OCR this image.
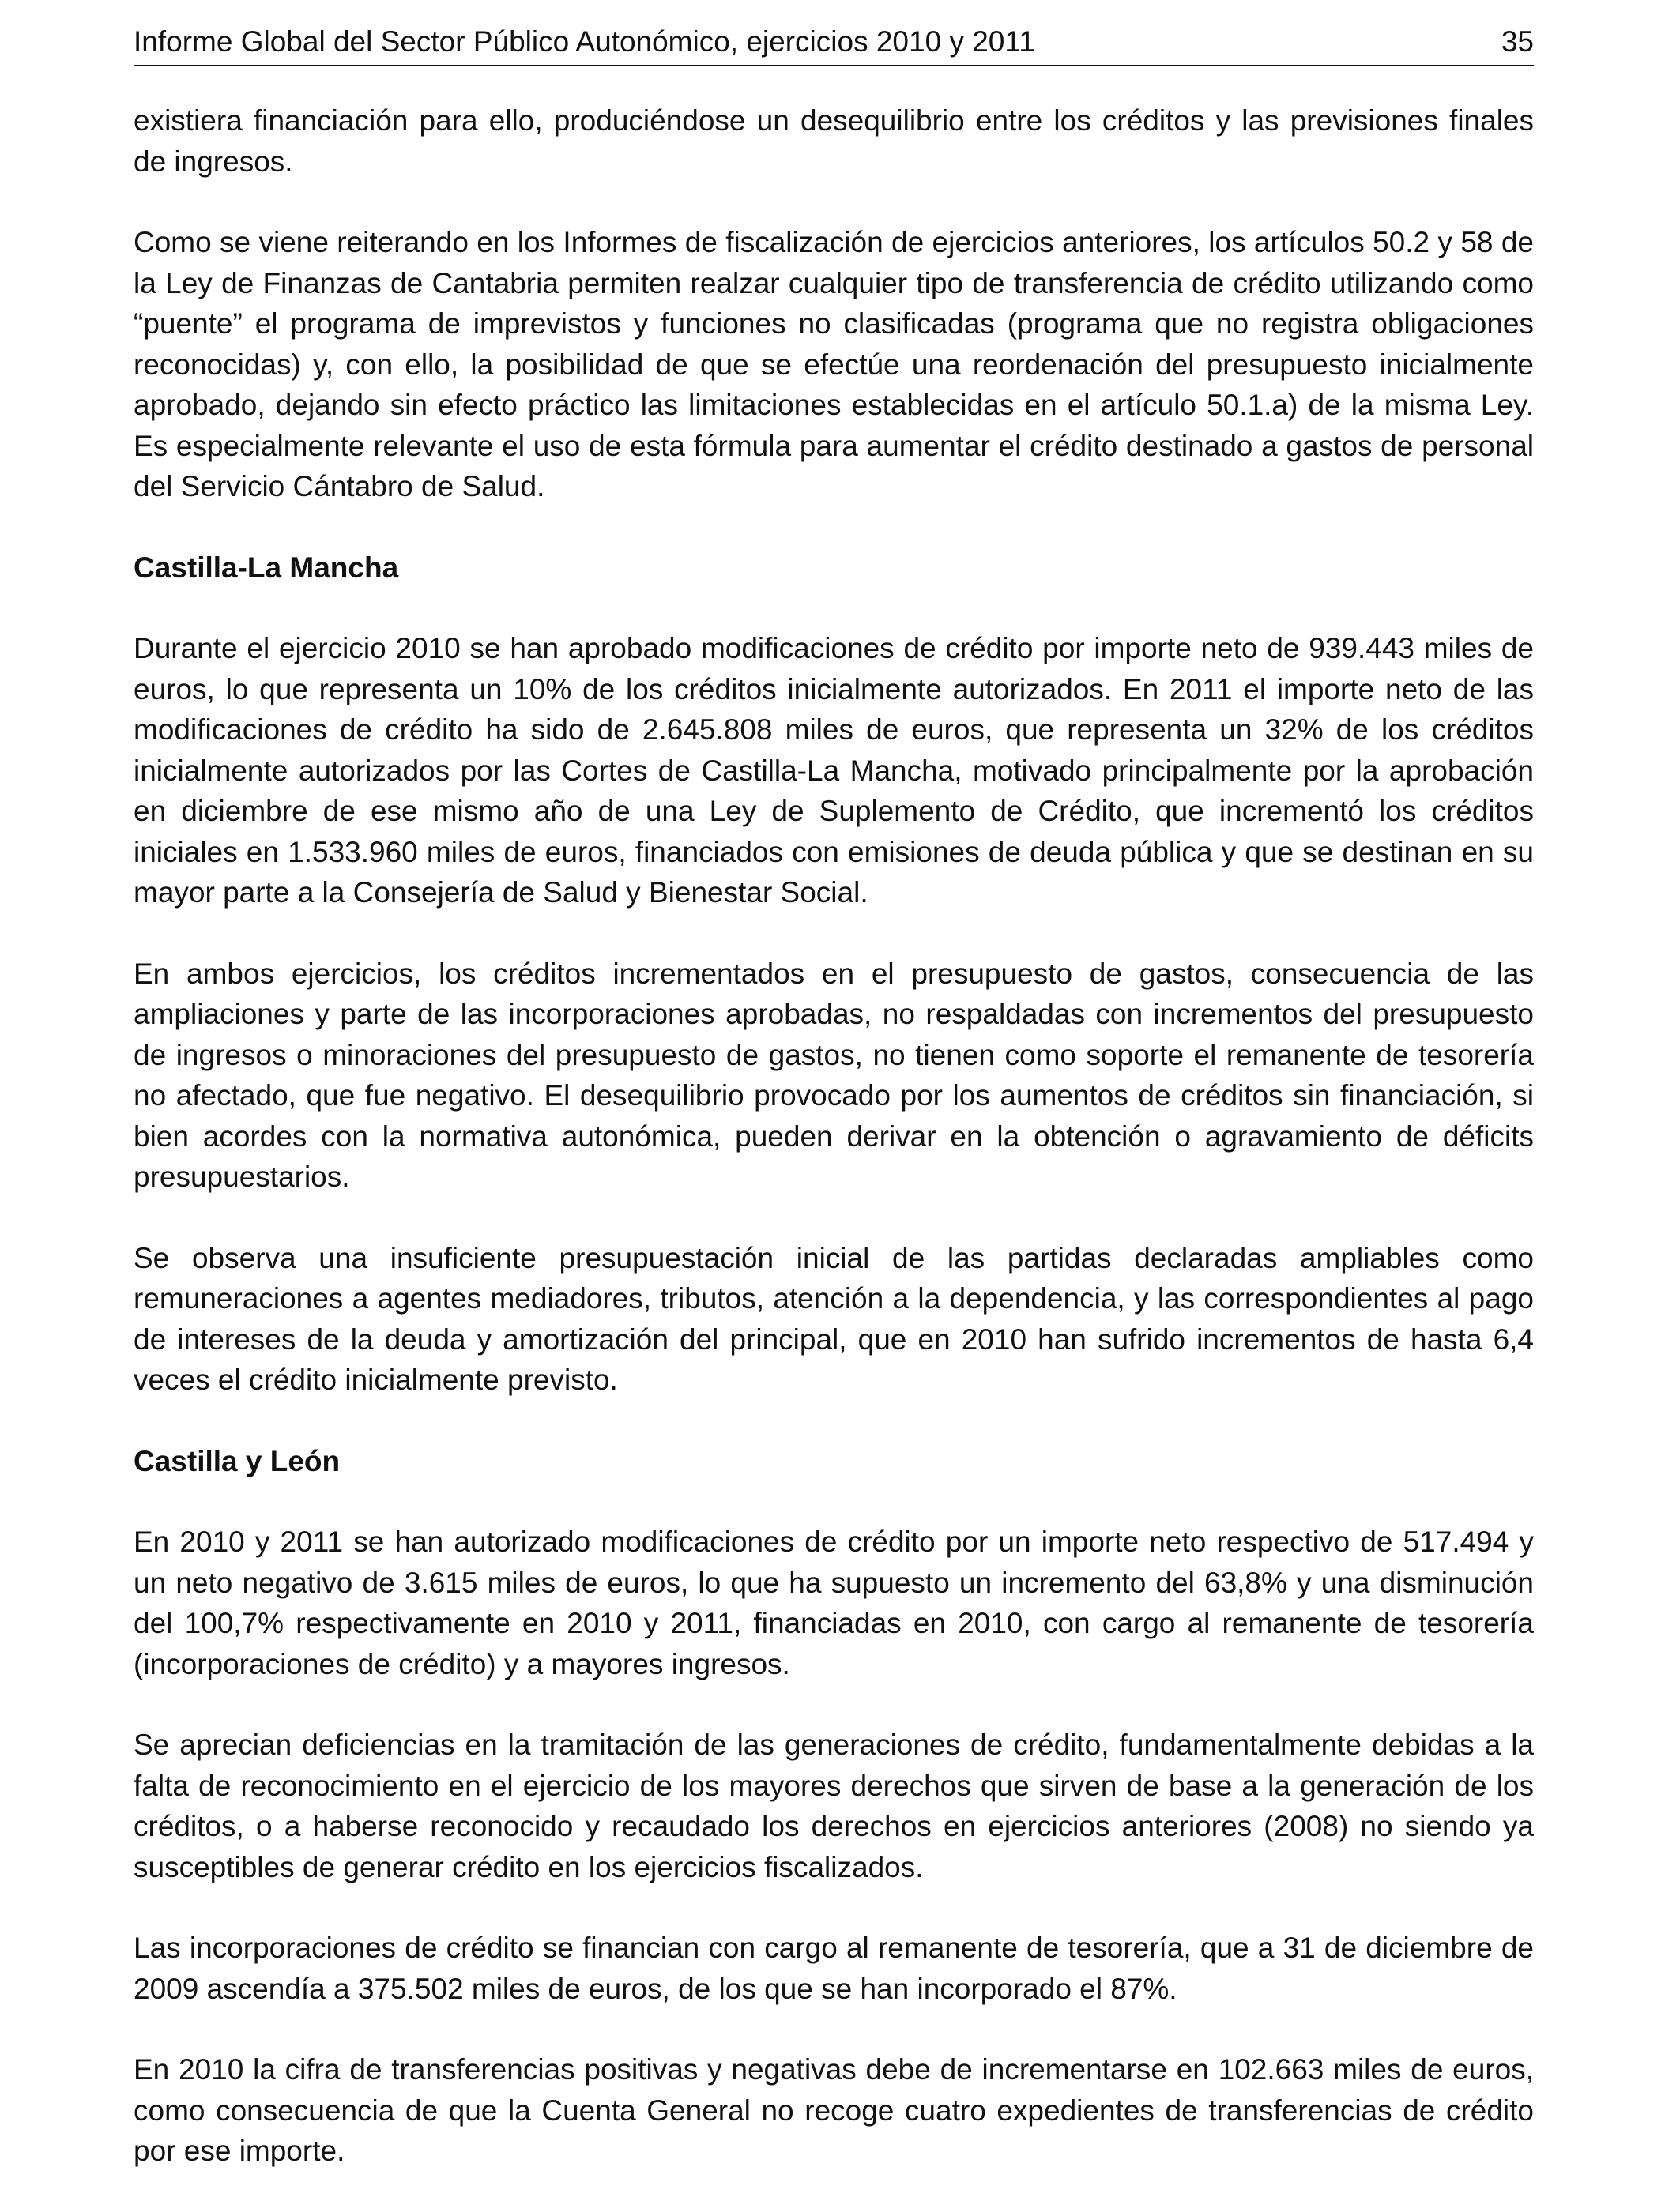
Informe Global del Sector Público Autonómico, ejercicios 2010 y 2011	35

existiera financiación para ello, produciéndose un desequilibrio entre los créditos y las previsiones finales de ingresos.

Como se viene reiterando en los Informes de fiscalización de ejercicios anteriores, los artículos 50.2 y 58 de la Ley de Finanzas de Cantabria permiten realzar cualquier tipo de transferencia de crédito utilizando como “puente” el programa de imprevistos y funciones no clasificadas (programa que no registra obligaciones reconocidas) y, con ello, la posibilidad de que se efectúe una reordenación del presupuesto inicialmente aprobado, dejando sin efecto práctico las limitaciones establecidas en el artículo 50.1.a) de la misma Ley. Es especialmente relevante el uso de esta fórmula para aumentar el crédito destinado a gastos de personal del Servicio Cántabro de Salud.

Castilla-La Mancha

Durante el ejercicio 2010 se han aprobado modificaciones de crédito por importe neto de 939.443 miles de euros, lo que representa un 10% de los créditos inicialmente autorizados. En 2011 el importe neto de las modificaciones de crédito ha sido de 2.645.808 miles de euros, que representa un 32% de los créditos inicialmente autorizados por las Cortes de Castilla-La Mancha, motivado principalmente por la aprobación en diciembre de ese mismo año de una Ley de Suplemento de Crédito, que incrementó los créditos iniciales en 1.533.960 miles de euros, financiados con emisiones de deuda pública y que se destinan en su mayor parte a la Consejería de Salud y Bienestar Social.

En ambos ejercicios, los créditos incrementados en el presupuesto de gastos, consecuencia de las ampliaciones y parte de las incorporaciones aprobadas, no respaldadas con incrementos del presupuesto de ingresos o minoraciones del presupuesto de gastos, no tienen como soporte el remanente de tesorería no afectado, que fue negativo. El desequilibrio provocado por los aumentos de créditos sin financiación, si bien acordes con la normativa autonómica, pueden derivar en la obtención o agravamiento de déficits presupuestarios.

Se observa una insuficiente presupuestación inicial de las partidas declaradas ampliables como remuneraciones a agentes mediadores, tributos, atención a la dependencia, y las correspondientes al pago de intereses de la deuda y amortización del principal, que en 2010 han sufrido incrementos de hasta 6,4 veces el crédito inicialmente previsto.

Castilla y León

En 2010 y 2011 se han autorizado modificaciones de crédito por un importe neto respectivo de 517.494 y un neto negativo de 3.615 miles de euros, lo que ha supuesto un incremento del 63,8% y una disminución del 100,7% respectivamente en 2010 y 2011, financiadas en 2010, con cargo al remanente de tesorería (incorporaciones de crédito) y a mayores ingresos.

Se aprecian deficiencias en la tramitación de las generaciones de crédito, fundamentalmente debidas a la falta de reconocimiento en el ejercicio de los mayores derechos que sirven de base a la generación de los créditos, o a haberse reconocido y recaudado los derechos en ejercicios anteriores (2008) no siendo ya susceptibles de generar crédito en los ejercicios fiscalizados.

Las incorporaciones de crédito se financian con cargo al remanente de tesorería, que a 31 de diciembre de 2009 ascendía a 375.502 miles de euros, de los que se han incorporado el 87%.

En 2010 la cifra de transferencias positivas y negativas debe de incrementarse en 102.663 miles de euros, como consecuencia de que la Cuenta General no recoge cuatro expedientes de transferencias de crédito por ese importe.
